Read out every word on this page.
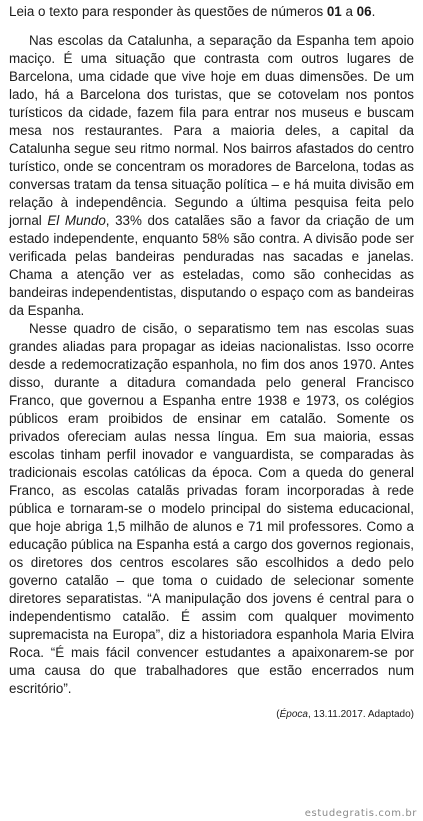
Leia o texto para responder às questões de números 01 a 06.

Nas escolas da Catalunha, a separação da Espanha tem apoio maciço. É uma situação que contrasta com outros lugares de Barcelona, uma cidade que vive hoje em duas dimensões. De um lado, há a Barcelona dos turistas, que se cotovelam nos pontos turísticos da cidade, fazem fila para entrar nos museus e buscam mesa nos restaurantes. Para a maioria deles, a capital da Catalunha segue seu ritmo normal. Nos bairros afastados do centro turístico, onde se concentram os moradores de Barcelona, todas as conversas tratam da tensa situação política – e há muita divisão em relação à independência. Segundo a última pesquisa feita pelo jornal El Mundo, 33% dos catalães são a favor da criação de um estado independente, enquanto 58% são contra. A divisão pode ser verificada pelas bandeiras penduradas nas sacadas e janelas. Chama a atenção ver as esteladas, como são conhecidas as bandeiras independentistas, disputando o espaço com as bandeiras da Espanha.

Nesse quadro de cisão, o separatismo tem nas escolas suas grandes aliadas para propagar as ideias nacionalistas. Isso ocorre desde a redemocratização espanhola, no fim dos anos 1970. Antes disso, durante a ditadura comandada pelo general Francisco Franco, que governou a Espanha entre 1938 e 1973, os colégios públicos eram proibidos de ensinar em catalão. Somente os privados ofereciam aulas nessa língua. Em sua maioria, essas escolas tinham perfil inovador e vanguardista, se comparadas às tradicionais escolas católicas da época. Com a queda do general Franco, as escolas catalãs privadas foram incorporadas à rede pública e tornaram-se o modelo principal do sistema educacional, que hoje abriga 1,5 milhão de alunos e 71 mil professores. Como a educação pública na Espanha está a cargo dos governos regionais, os diretores dos centros escolares são escolhidos a dedo pelo governo catalão – que toma o cuidado de selecionar somente diretores separatistas. “A manipulação dos jovens é central para o independentismo catalão. É assim com qualquer movimento supremacista na Europa”, diz a historiadora espanhola Maria Elvira Roca. “É mais fácil convencer estudantes a apaixonarem-se por uma causa do que trabalhadores que estão encerrados num escritório”.

(Época, 13.11.2017. Adaptado)

estudegratis.com.br
